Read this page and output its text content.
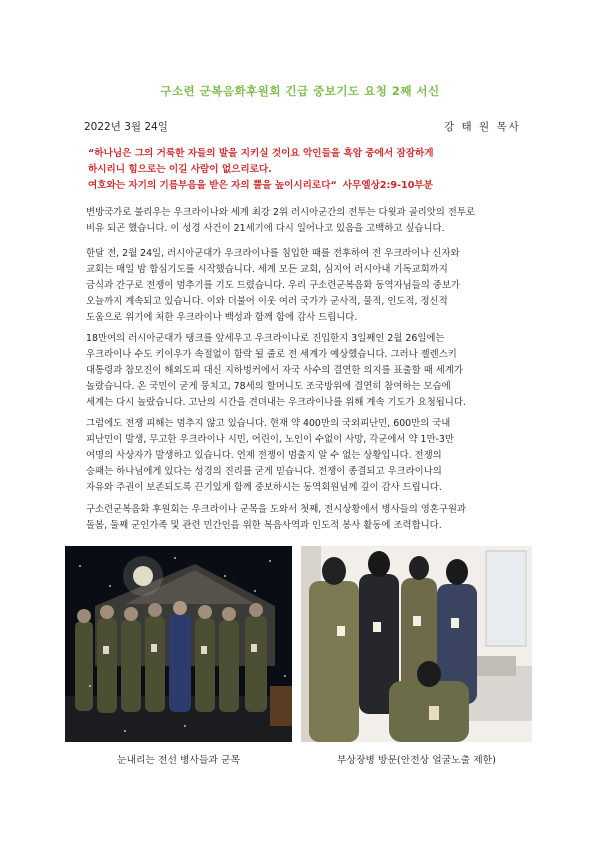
구소련 군복음화후원회 긴급 중보기도 요청 2째 서신
2022년 3월 24일	강 태 원 목사
“하나님은 그의 거룩한 자들의 발을 지키실 것이요 악인들을 흑암 중에서 잠잠하게
하시리니 힘으로는 이길 사람이 없으리로다.
여호와는 자기의 기름부음을 받은 자의 뿔을 높이시리로다“ 사무엘상2:9-10부분
변방국가로 불리우는 우크라이나와 세계 최강 2위 러시아군간의 전투는 다윗과 골리앗의 전투로
비유 되곤 했습니다. 이 성경 사건이 21세기에 다시 일어나고 있음을 고백하고 싶습니다.
한달 전, 2월 24일, 러시아군대가 우크라이나를 침입한 때를 전후하여 전 우크라이나 신자와
교회는 매일 밤 합심기도를 시작했습니다. 세계 모든 교회, 심지어 러시아내 기독교회까지
금식과 간구로 전쟁이 멈추기를 기도 드렸습니다. 우리 구소련군복음화 동역자님들의 중보가
오늘까지 계속되고 있습니다. 이와 더불어 이웃 여러 국가가 군사적, 물적, 인도적, 정신적
도움으로 위기에 처한 우크라이나 백성과 함께 함에 감사 드립니다.
18만여의 러시아군대가 탱크를 앞세우고 우크라이나로 진입한지 3일째인 2월 26일에는
우크라이나 수도 키이우가 속절없이 함락 될 줄로 전 세계가 예상했습니다. 그러나 젤렌스키
대통령과 참모진이 해외도피 대신 지하벙커에서 자국 사수의 결연한 의지를 표출할 때 세계가
놀랐습니다. 온 국민이 굳게 뭉치고, 78세의 할머니도 조국방위에 결연히 참여하는 모습에
세계는 다시 놀랐습니다. 고난의 시간을 견뎌내는 우크라이나를 위해 계속 기도가 요청됩니다.
그럼에도 전쟁 피해는 멈추지 않고 있습니다. 현재 약 400만의 국외피난민, 600만의 국내
피난민이 발생, 무고한 우크라이나 시민, 어린이, 노인이 수없이 사망, 각군에서 약 1만-3만
여명의 사상자가 발생하고 있습니다. 언제 전쟁이 멈출지 알 수 없는 상황입니다. 전쟁의
승패는 하나님에게 있다는 성경의 진리를 굳게 믿습니다. 전쟁이 종결되고 우크라이나의
자유와 주권이 보존되도록 끈기있게 함께 중보하시는 동역회원님께 깊이 감사 드립니다.
구소련군복음화 후원회는 우크라이나 군목을 도와서 첫째, 전시상황에서 병사들의 영혼구원과
돌봄, 둘째 군인가족 및 관련 민간인을 위한 복음사역과 인도적 봉사 활동에 조력합니다.
눈내리는 전선 병사들과 군목	부상장병 방문(안전상 얼굴노출 제한)
